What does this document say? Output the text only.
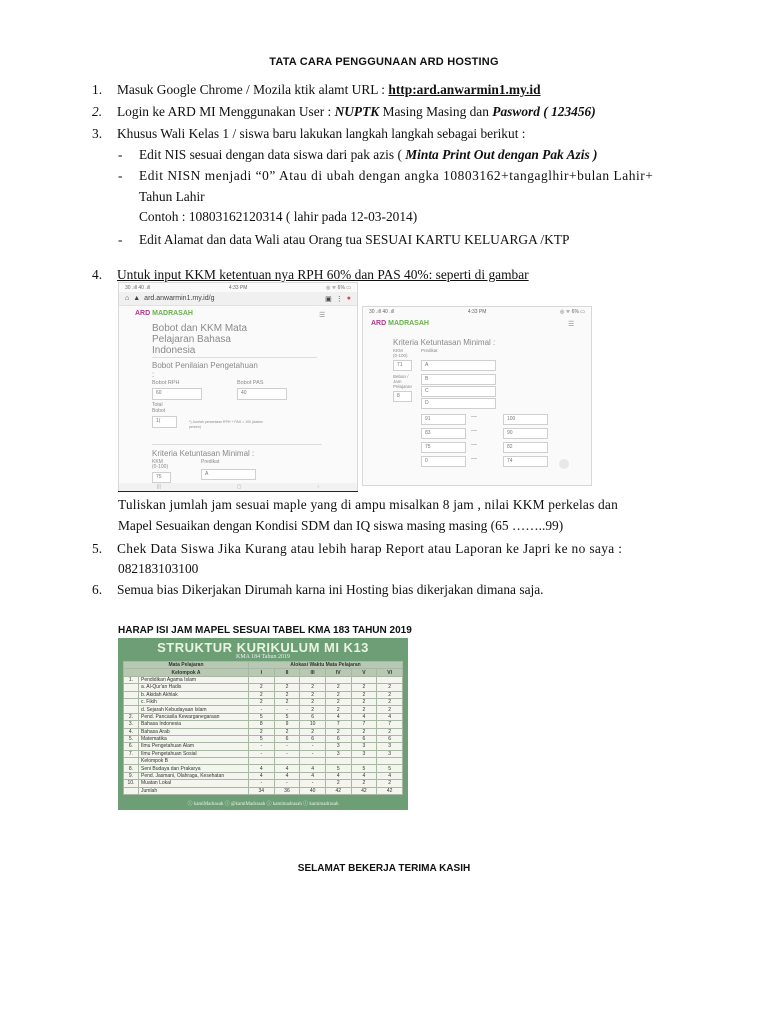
TATA CARA PENGGUNAAN ARD HOSTING
1. Masuk Google Chrome / Mozila ktik alamt URL : http:ard.anwarmin1.my.id
2. Login ke ARD MI Menggunakan User : NUPTK Masing Masing dan Pasword ( 123456)
3. Khusus Wali Kelas 1 / siswa baru lakukan langkah langkah sebagai berikut :
- Edit NIS sesuai dengan data siswa dari pak azis ( Minta Print Out dengan Pak Azis )
- Edit NISN menjadi “0” Atau di ubah dengan angka 10803162+tangaglhir+bulan Lahir+
Tahun Lahir
Contoh : 10803162120314 ( lahir pada 12-03-2014)
- Edit Alamat dan data Wali atau Orang tua SESUAI KARTU KELUARGA /KTP
4. Untuk input KKM ketentuan nya RPH 60% dan PAS 40%: seperti di gambar
30 .ıll 40 .ıll	4:33 PM	◎ ᯤ 6% ▭
⌂ ▲ ard.anwarmin1.my.id/g	▣ ⋮ ●
ARD MADRASAH	☰
Bobot dan KKM Mata
Pelajaran Bahasa
Indonesia
Bobot Penilaian Pengetahuan
:
Bobot RPH	Bobot PAS
60	40
Total
Bobot
1(	*) Jumlah persentase RPH + PAS = 100 (dalam
persen)
Kriteria Ketuntasan Minimal :
KKM
(0-100)
Predikat
75	A
|||	▢	‹
30 .ıll 40 .ıll	4:33 PM	◎ ᯤ 6% ▭
ARD MADRASAH	☰
Kriteria Ketuntasan Minimal :
KKM
(0-100)
Predikat
71	A
Beban /
Jam
Pelajaran
B
C
8
D
91	—	100
83	—	90
75	—	82
0	—	74
Tuliskan jumlah jam sesuai maple yang di ampu misalkan 8 jam , nilai KKM perkelas dan
Mapel Sesuaikan dengan Kondisi SDM dan IQ siswa masing masing (65 ……..99)
5. Chek Data Siswa Jika Kurang atau lebih harap Report atau Laporan ke Japri ke no saya :
082183103100
6. Semua bias Dikerjakan Dirumah karna ini Hosting bias dikerjakan dimana saja.
HARAP ISI JAM MAPEL SESUAI TABEL KMA 183 TAHUN 2019
STRUKTUR KURIKULUM MI K13
KMA 184 Tahun 2019
Mata Pelajaran		Alokasi Waktu Mata Pelajaran					
Kelompok A		I	II	III	IV	V	VI
1.	Pendidikan Agama Islam						
	a. Al-Qur'an Hadis	2	2	2	2	2	2
	b. Akidah Akhlak	2	2	2	2	2	2
	c. Fikih	2	2	2	2	2	2
	d. Sejarah Kebudayaan Islam	-	-	2	2	2	2
2.	Pend. Pancasila Kewarganegaraan	5	5	6	4	4	4
3.	Bahasa Indonesia	8	9	10	7	7	7
4.	Bahasa Arab	2	2	2	2	2	2
5.	Matematika	5	6	6	6	6	6
6.	Ilmu Pengetahuan Alam	-	-	-	3	3	3
7.	Ilmu Pengetahuan Sosial	-	-	-	3	3	3
	Kelompok B						
8.	Seni Budaya dan Prakarya	4	4	4	5	5	5
9.	Pend. Jasmani, Olahraga, Kesehatan	4	4	4	4	4	4
10.	Muatan Lokal	-	-	-	2	2	2
	Jumlah	34	36	40	42	42	42
ⓘ kamiMadrasah ⓘ @kamiMadrasah ⓘ kamimadrasah ⓘ kamimadrasah
SELAMAT BEKERJA TERIMA KASIH
